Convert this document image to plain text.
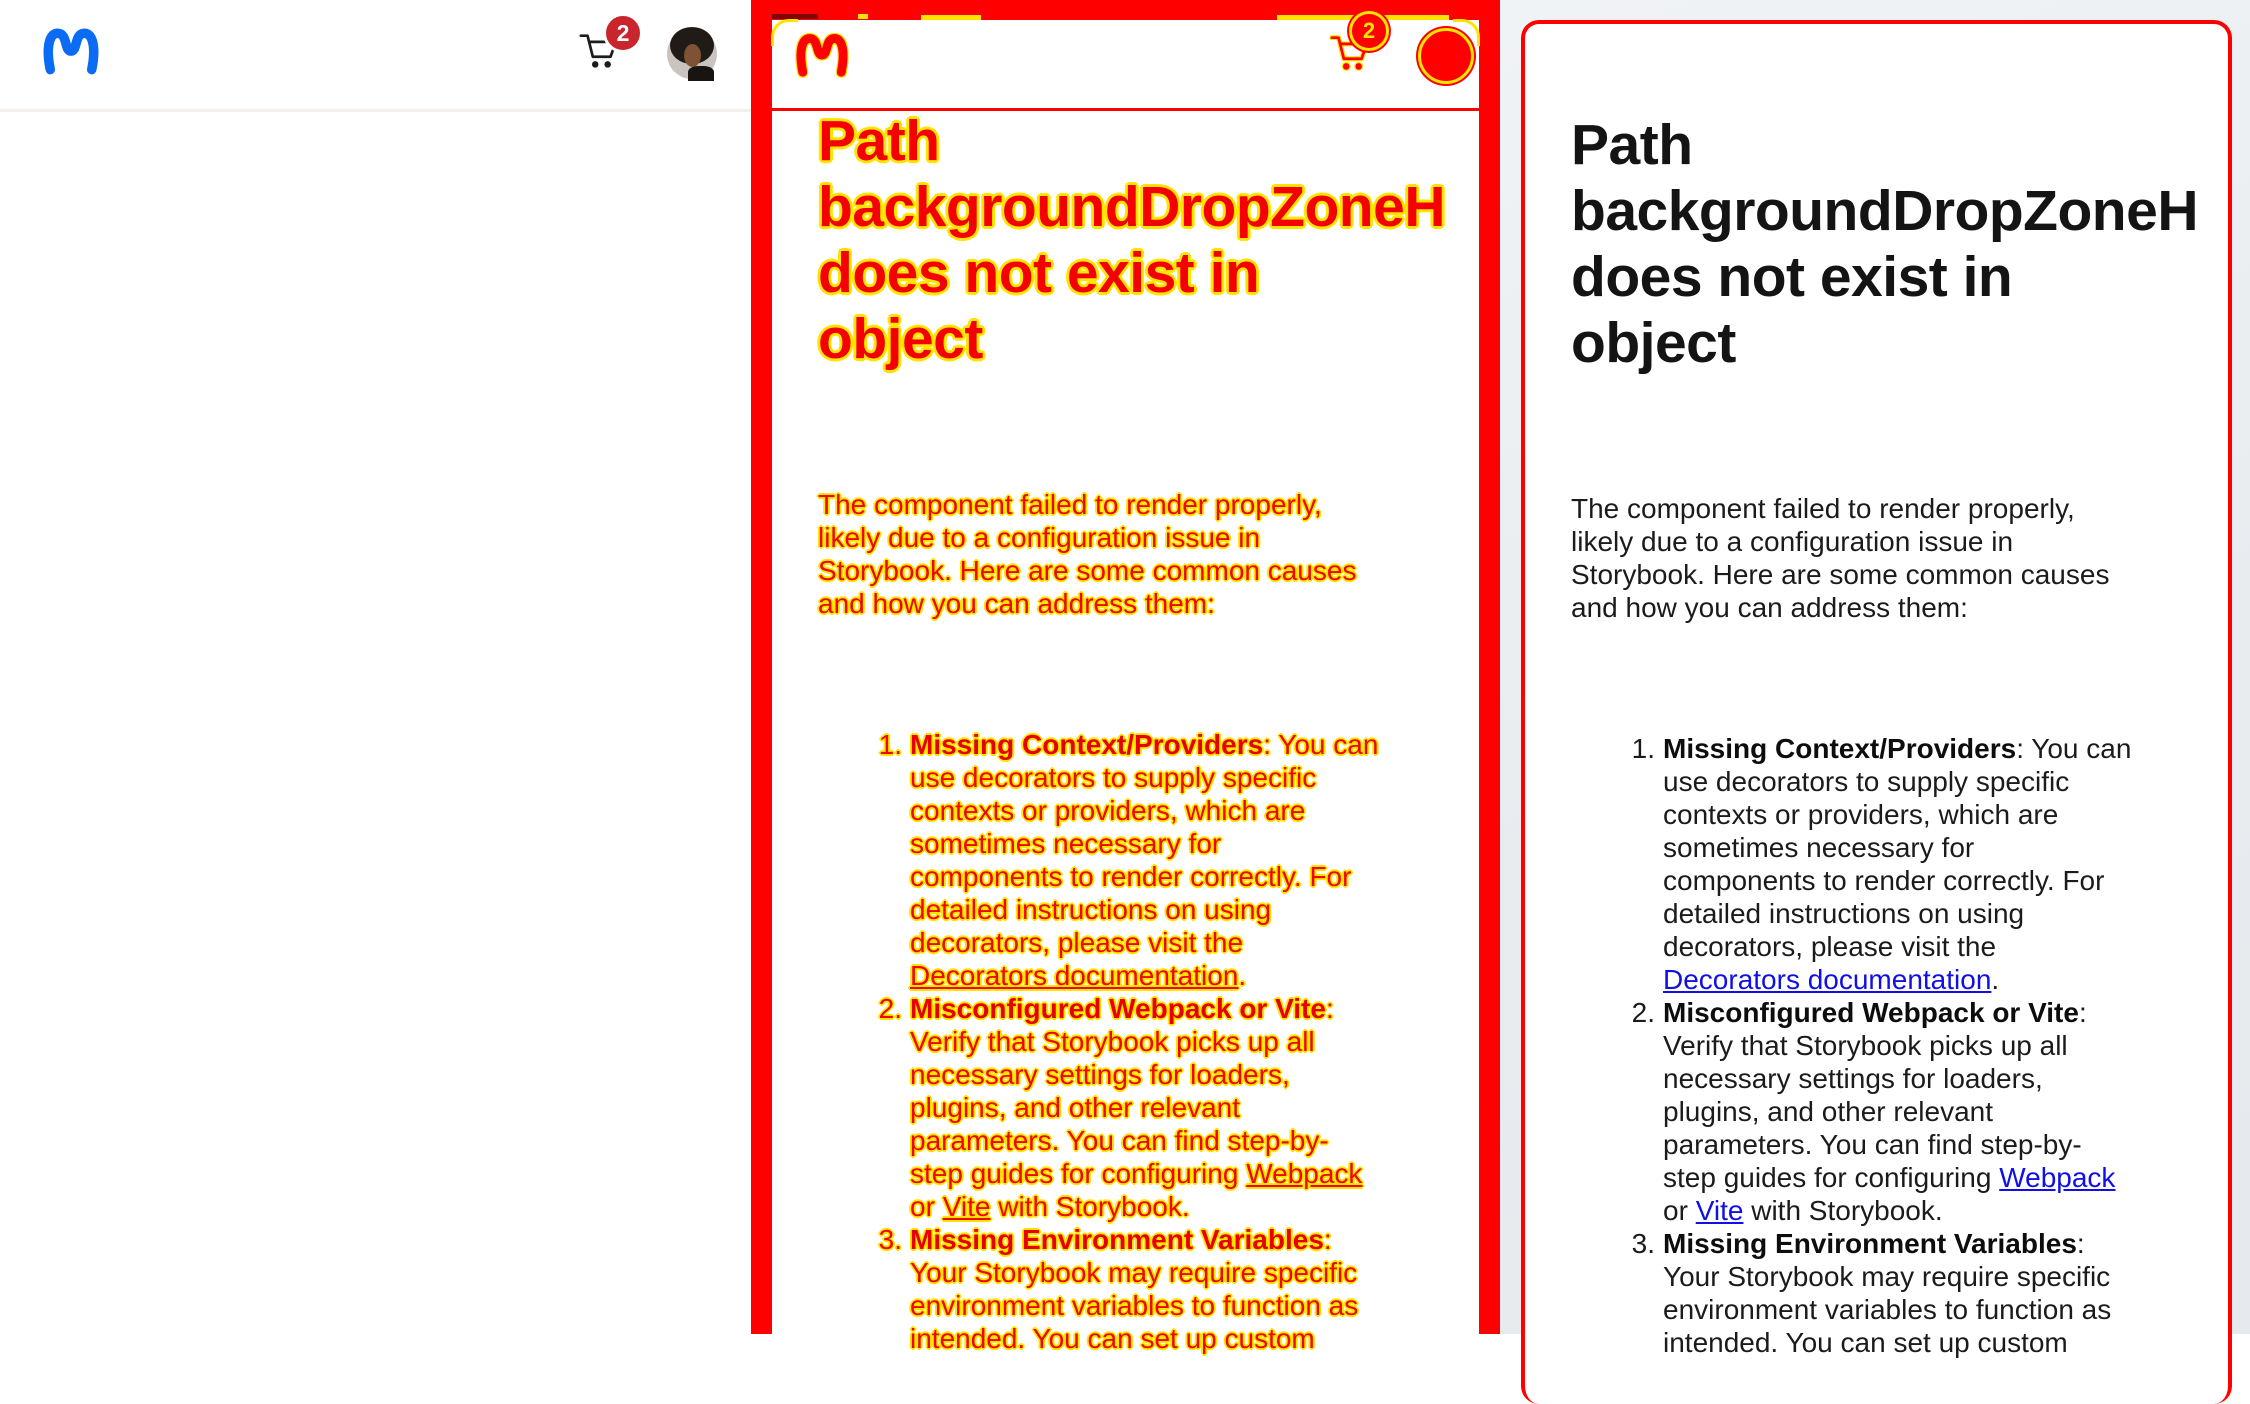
2	2
Path
backgroundDropZoneH
does not exist in
object
The component failed to render properly,
likely due to a configuration issue in
Storybook. Here are some common causes
and how you can address them:
1. Missing Context/Providers: You can
use decorators to supply specific
contexts or providers, which are
sometimes necessary for
components to render correctly. For
detailed instructions on using
decorators, please visit the
Decorators documentation.
2. Misconfigured Webpack or Vite:
Verify that Storybook picks up all
necessary settings for loaders,
plugins, and other relevant
parameters. You can find step-by-
step guides for configuring Webpack
or Vite with Storybook.
3. Missing Environment Variables:
Your Storybook may require specific
environment variables to function as
intended. You can set up custom
Path
backgroundDropZoneH
does not exist in
object
The component failed to render properly,
likely due to a configuration issue in
Storybook. Here are some common causes
and how you can address them:
1. Missing Context/Providers: You can
use decorators to supply specific
contexts or providers, which are
sometimes necessary for
components to render correctly. For
detailed instructions on using
decorators, please visit the
Decorators documentation.
2. Misconfigured Webpack or Vite:
Verify that Storybook picks up all
necessary settings for loaders,
plugins, and other relevant
parameters. You can find step-by-
step guides for configuring Webpack
or Vite with Storybook.
3. Missing Environment Variables:
Your Storybook may require specific
environment variables to function as
intended. You can set up custom
